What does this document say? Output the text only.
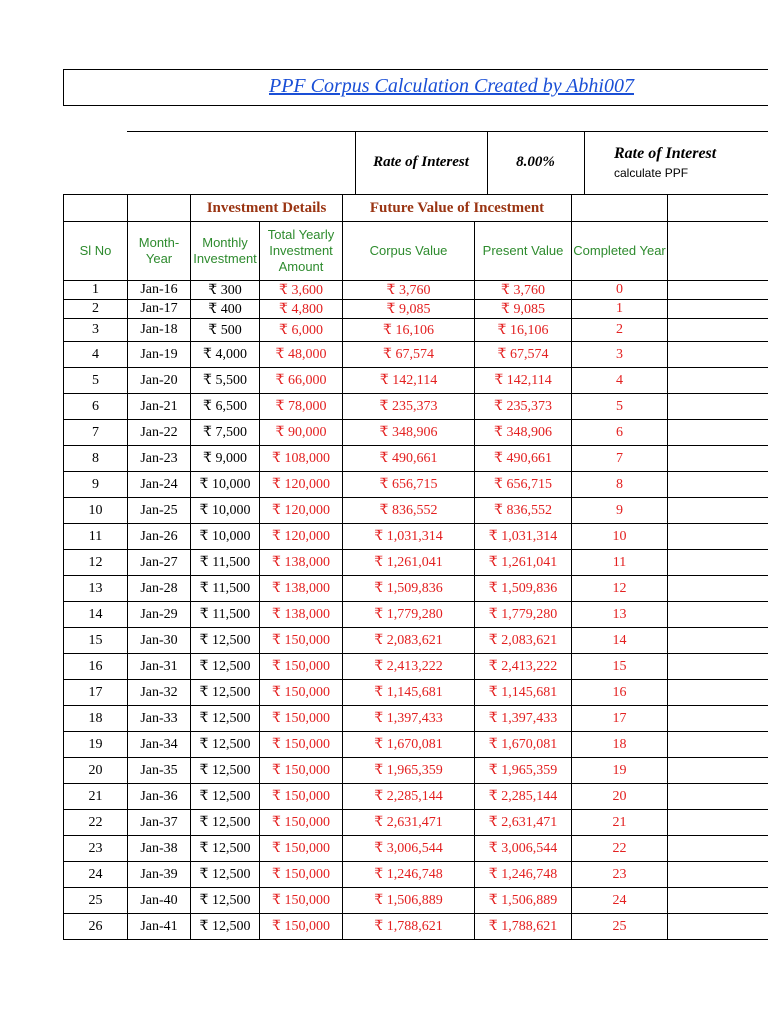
PPF Corpus Calculation Created by Abhi007
Rate of Interest	8.00%	Rate of Interest
calculate PPF
		Investment Details		Future Value of Incestment			
Sl No	Month-Year	Monthly Investment	Total Yearly Investment Amount	Corpus Value	Present Value	Completed Year	
1	Jan-16	₹ 300	₹ 3,600	₹ 3,760	₹ 3,760	0	
2	Jan-17	₹ 400	₹ 4,800	₹ 9,085	₹ 9,085	1	
3	Jan-18	₹ 500	₹ 6,000	₹ 16,106	₹ 16,106	2	
4	Jan-19	₹ 4,000	₹ 48,000	₹ 67,574	₹ 67,574	3	
5	Jan-20	₹ 5,500	₹ 66,000	₹ 142,114	₹ 142,114	4	
6	Jan-21	₹ 6,500	₹ 78,000	₹ 235,373	₹ 235,373	5	
7	Jan-22	₹ 7,500	₹ 90,000	₹ 348,906	₹ 348,906	6	
8	Jan-23	₹ 9,000	₹ 108,000	₹ 490,661	₹ 490,661	7	
9	Jan-24	₹ 10,000	₹ 120,000	₹ 656,715	₹ 656,715	8	
10	Jan-25	₹ 10,000	₹ 120,000	₹ 836,552	₹ 836,552	9	
11	Jan-26	₹ 10,000	₹ 120,000	₹ 1,031,314	₹ 1,031,314	10	
12	Jan-27	₹ 11,500	₹ 138,000	₹ 1,261,041	₹ 1,261,041	11	
13	Jan-28	₹ 11,500	₹ 138,000	₹ 1,509,836	₹ 1,509,836	12	
14	Jan-29	₹ 11,500	₹ 138,000	₹ 1,779,280	₹ 1,779,280	13	
15	Jan-30	₹ 12,500	₹ 150,000	₹ 2,083,621	₹ 2,083,621	14	
16	Jan-31	₹ 12,500	₹ 150,000	₹ 2,413,222	₹ 2,413,222	15	
17	Jan-32	₹ 12,500	₹ 150,000	₹ 1,145,681	₹ 1,145,681	16	
18	Jan-33	₹ 12,500	₹ 150,000	₹ 1,397,433	₹ 1,397,433	17	
19	Jan-34	₹ 12,500	₹ 150,000	₹ 1,670,081	₹ 1,670,081	18	
20	Jan-35	₹ 12,500	₹ 150,000	₹ 1,965,359	₹ 1,965,359	19	
21	Jan-36	₹ 12,500	₹ 150,000	₹ 2,285,144	₹ 2,285,144	20	
22	Jan-37	₹ 12,500	₹ 150,000	₹ 2,631,471	₹ 2,631,471	21	
23	Jan-38	₹ 12,500	₹ 150,000	₹ 3,006,544	₹ 3,006,544	22	
24	Jan-39	₹ 12,500	₹ 150,000	₹ 1,246,748	₹ 1,246,748	23	
25	Jan-40	₹ 12,500	₹ 150,000	₹ 1,506,889	₹ 1,506,889	24	
26	Jan-41	₹ 12,500	₹ 150,000	₹ 1,788,621	₹ 1,788,621	25	
